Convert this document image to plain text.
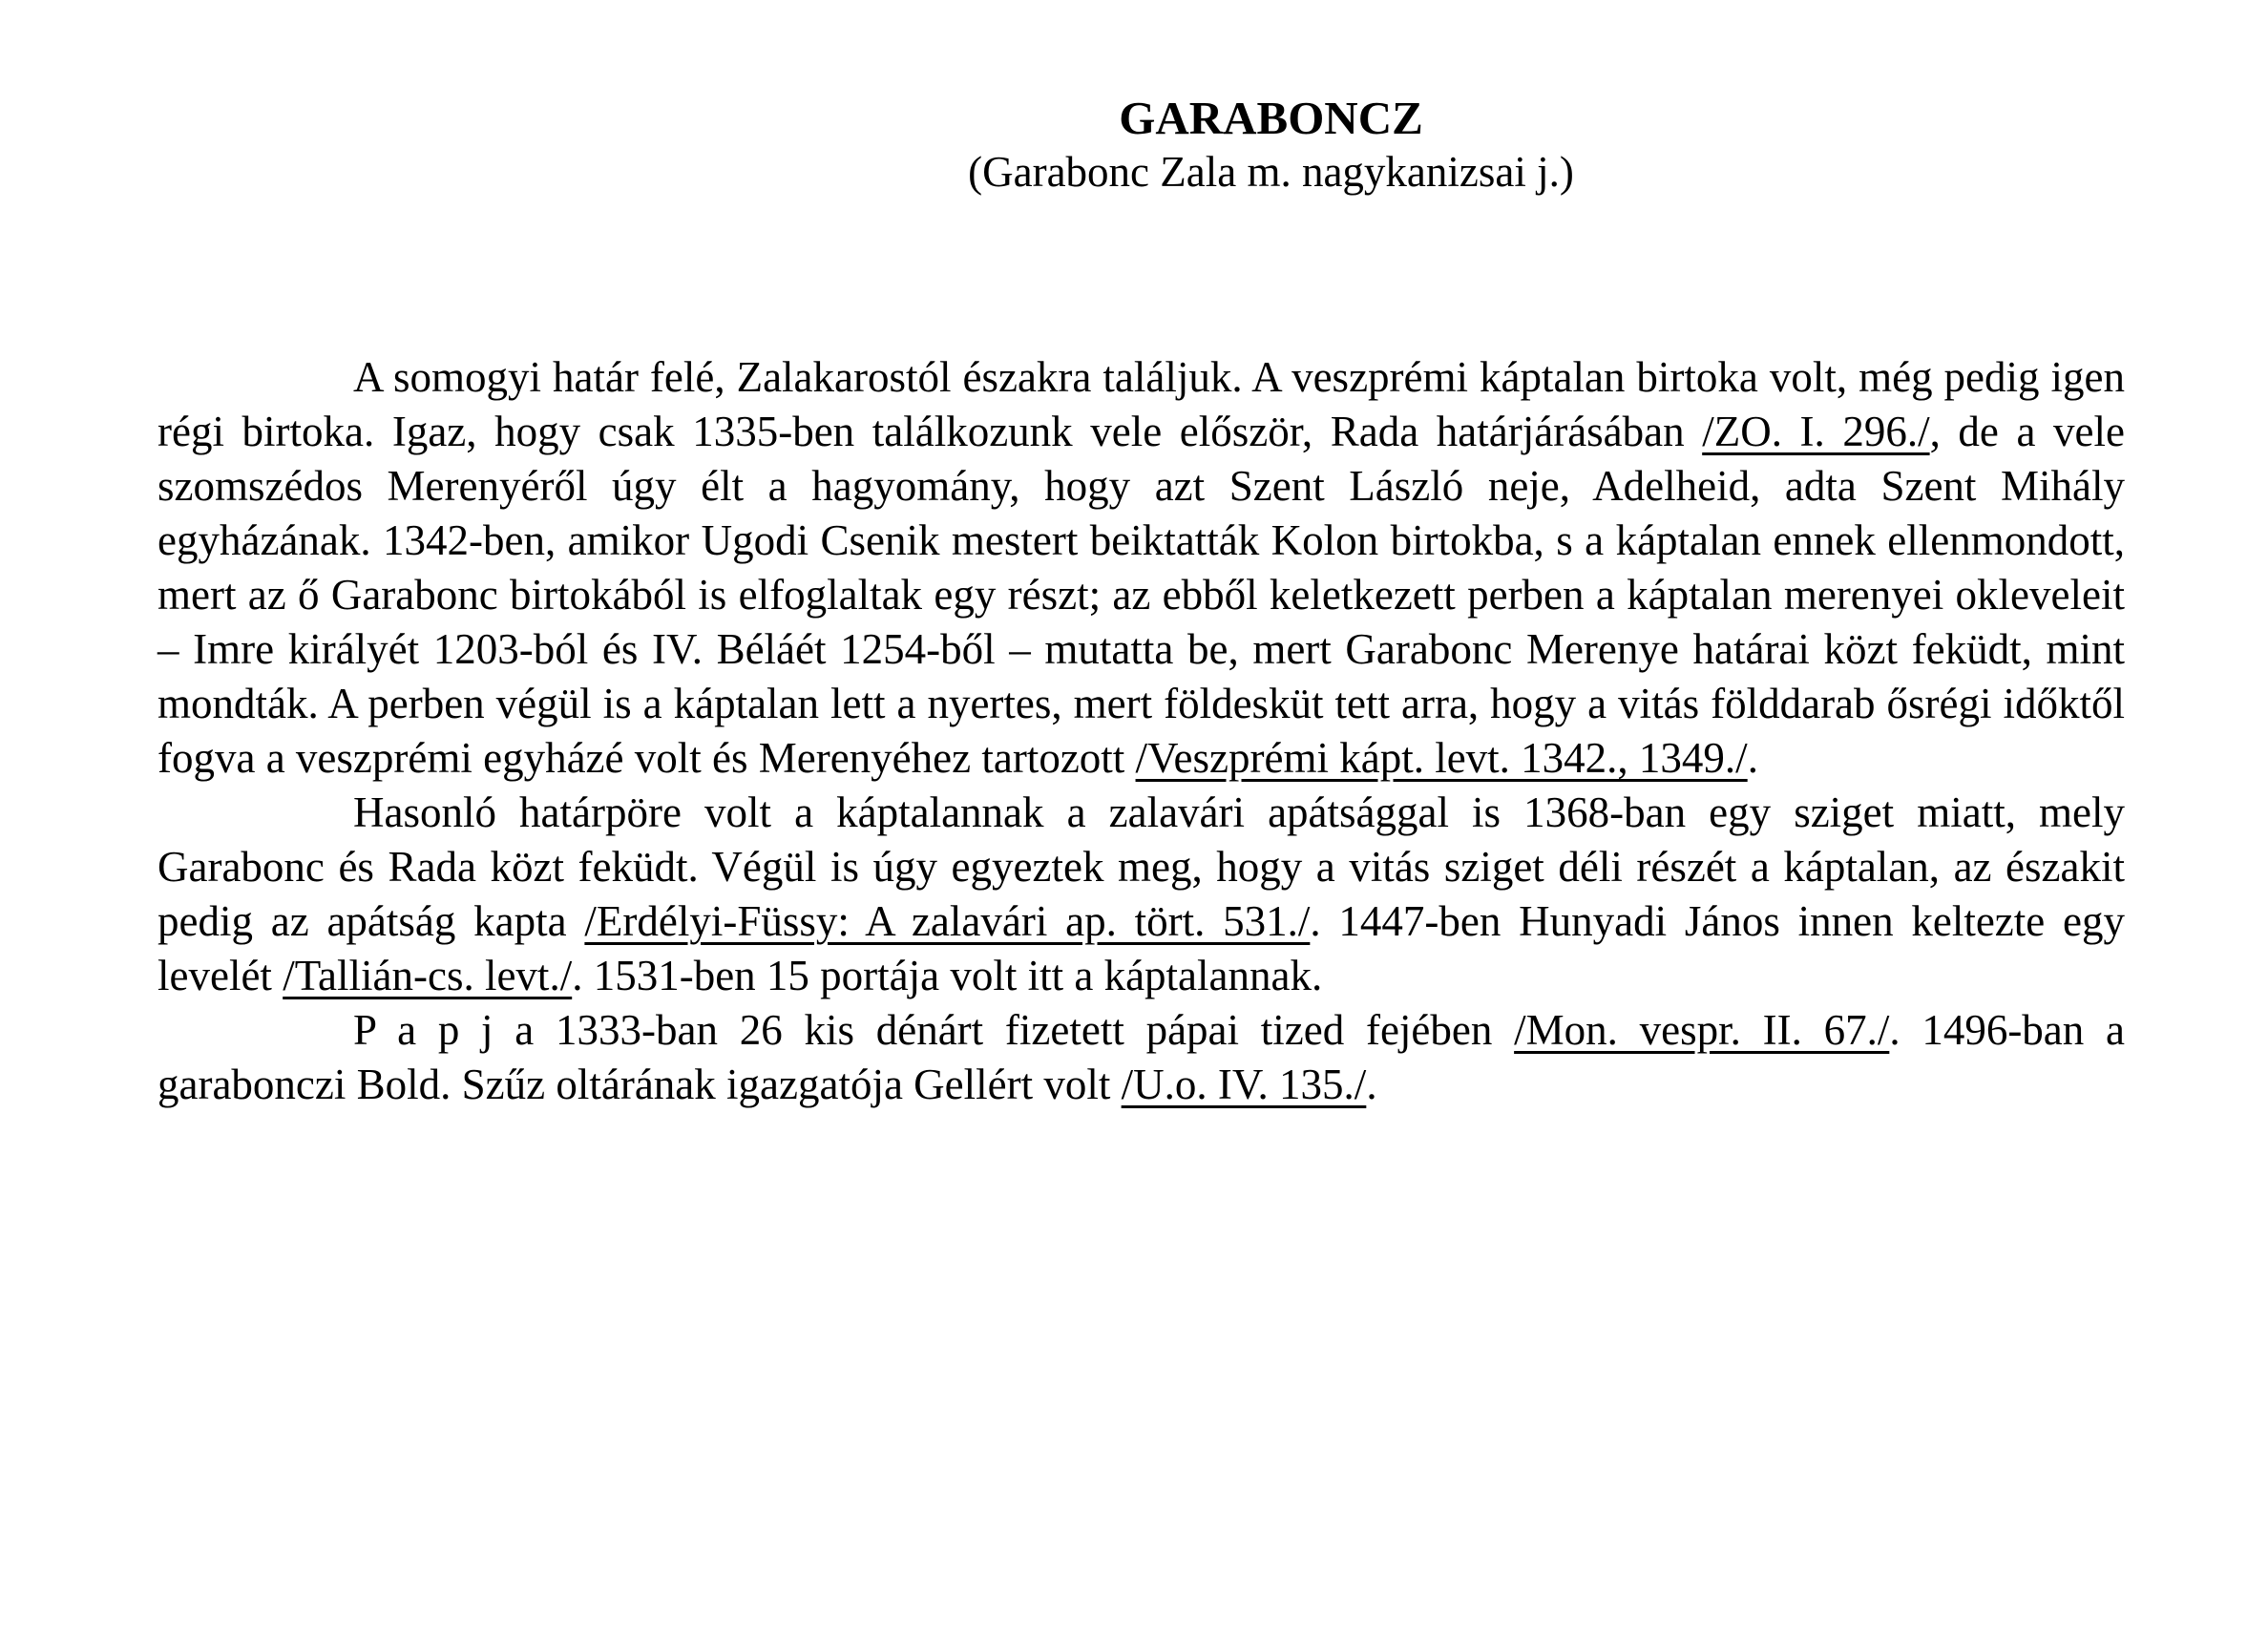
GARABONCZ
(Garabonc Zala m. nagykanizsai j.)

A somogyi határ felé, Zalakarostól északra találjuk. A veszprémi káptalan birtoka volt, még pedig igen régi birtoka. Igaz, hogy csak 1335-ben találkozunk vele először, Rada határjárásában /ZO. I. 296./, de a vele szomszédos Merenyéről úgy élt a hagyomány, hogy azt Szent László neje, Adelheid, adta Szent Mihály egyházának. 1342-ben, amikor Ugodi Csenik mestert beiktatták Kolon birtokba, s a káptalan ennek ellenmondott, mert az ő Garabonc birtokából is elfoglaltak egy részt; az ebből keletkezett perben a káptalan merenyei okleveleit – Imre királyét 1203-ból és IV. Béláét 1254-ből – mutatta be, mert Garabonc Merenye határai közt feküdt, mint mondták. A perben végül is a káptalan lett a nyertes, mert földesküt tett arra, hogy a vitás földdarab ősrégi időktől fogva a veszprémi egyházé volt és Merenyéhez tartozott /Veszprémi kápt. levt. 1342., 1349./.

Hasonló határpöre volt a káptalannak a zalavári apátsággal is 1368-ban egy sziget miatt, mely Garabonc és Rada közt feküdt. Végül is úgy egyeztek meg, hogy a vitás sziget déli részét a káptalan, az északit pedig az apátság kapta /Erdélyi-Füssy: A zalavári ap. tört. 531./. 1447-ben Hunyadi János innen keltezte egy levelét /Tallián-cs. levt./. 1531-ben 15 portája volt itt a káptalannak.

P a p j a 1333-ban 26 kis dénárt fizetett pápai tized fejében /Mon. vespr. II. 67./. 1496-ban a garabonczi Bold. Szűz oltárának igazgatója Gellért volt /U.o. IV. 135./.
